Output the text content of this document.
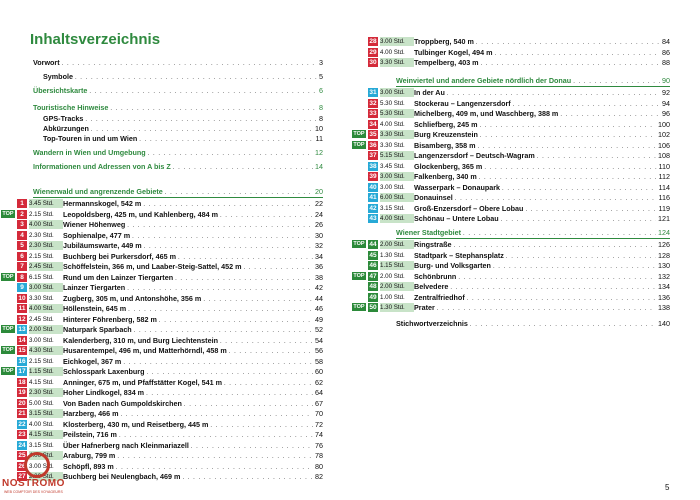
Inhaltsverzeichnis
Vorwort . . .	3
Symbole . . .	5
Übersichtskarte . . .	6
Touristische Hinweise . . .	8
GPS-Tracks . . .	8
Abkürzungen . . .	10
Top-Touren in und um Wien . . .	11
Wandern in Wien und Umgebung . . .	12
Informationen und Adressen von A bis Z . . .	14
Wienerwald und angrenzende Gebiete . . .	20
1 3.45 Std.	Hermannskogel, 542 m . . .	22
TOP	2 2.15 Std.	Leopoldsberg, 425 m, und Kahlenberg, 484 m . . .	24
3 4.00 Std.	Wiener Höhenweg . . .	26
4 2.30 Std.	Sophienalpe, 477 m . . .	30
5 2.30 Std.	Jubiläumswarte, 449 m . . .	32
6 2.15 Std.	Buchberg bei Purkersdorf, 465 m . . .	34
7 2.45 Std.	Schöffelstein, 366 m, und Laaber-Steig-Sattel, 452 m . . .	36
TOP	8 6.15 Std.	Rund um den Lainzer Tiergarten . . .	38
9 3.00 Std.	Lainzer Tiergarten . . .	42
10 3.30 Std.	Zugberg, 305 m, und Antonshöhe, 356 m . . .	44
11 4.00 Std.	Höllenstein, 645 m . . .	46
12 2.45 Std.	Hinterer Föhrenberg, 582 m . . .	49
TOP 13 2.00 Std.	Naturpark Sparbach . . .	52
14 3.00 Std.	Kalenderberg, 310 m, und Burg Liechtenstein . . .	54
TOP 15 4.30 Std.	Husarentempel, 496 m, und Matterhörndl, 458 m . . .	56
16 2.15 Std.	Eichkogel, 367 m . . .	58
TOP 17 1.15 Std.	Schlosspark Laxenburg . . .	60
18 4.15 Std.	Anninger, 675 m, und Pfaffstätter Kogel, 541 m . . .	62
19 2.30 Std.	Hoher Lindkogel, 834 m . . .	64
20 5.00 Std.	Von Baden nach Gumpoldskirchen . . .	67
21 3.15 Std.	Harzberg, 466 m . . .	70
22 4.00 Std.	Klosterberg, 430 m, und Reisetberg, 445 m . . .	72
23 4.15 Std.	Peilstein, 716 m . . .	74
24 3.15 Std.	Über Hafnerberg nach Kleinmariazell . . .	76
25 4.00 Std.	Araburg, 799 m . . .	78
26 3.00 Std.	Schöpfl, 893 m . . .	80
27 2.30 Std.	Buchberg bei Neulengbach, 469 m . . .	82
28 3.00 Std.	Troppberg, 540 m . . .	84
29 4.00 Std.	Tulbinger Kogel, 494 m . . .	86
30 3.30 Std.	Tempelberg, 403 m . . .	88
Weinviertel und andere Gebiete nördlich der Donau . . .	90
31 3.00 Std.	In der Au . . .	92
32 5.30 Std.	Stockerau – Langenzersdorf . . .	94
33 5.30 Std.	Michelberg, 409 m, und Waschberg, 388 m . . .	96
34 4.00 Std.	Schliefberg, 245 m . . .	100
TOP 35 3.30 Std.	Burg Kreuzenstein . . .	102
TOP 36 3.30 Std.	Bisamberg, 358 m . . .	106
37 5.15 Std.	Langenzersdorf – Deutsch-Wagram . . .	108
38 3.45 Std.	Glockenberg, 365 m . . .	110
39 3.00 Std.	Falkenberg, 340 m . . .	112
40 3.00 Std.	Wasserpark – Donaupark . . .	114
41 6.00 Std.	Donauinsel . . .	116
42 3.15 Std.	Groß-Enzersdorf – Obere Lobau . . .	119
43 4.00 Std.	Schönau – Untere Lobau . . .	121
Wiener Stadtgebiet . . .	124
TOP 44 2.00 Std.	Ringstraße . . .	126
45 1.30 Std.	Stadtpark – Stephansplatz . . .	128
46 1.15 Std.	Burg- und Volksgarten . . .	130
TOP 47 2.00 Std.	Schönbrunn . . .	132
48 2.00 Std.	Belvedere . . .	134
49 1.00 Std.	Zentralfriedhof . . .	136
TOP 50 1.30 Std.	Prater . . .	138
Stichwortverzeichnis . . .	140
NOSTROMO
WEB COMPTOIR DES VOYAGEURS	5
